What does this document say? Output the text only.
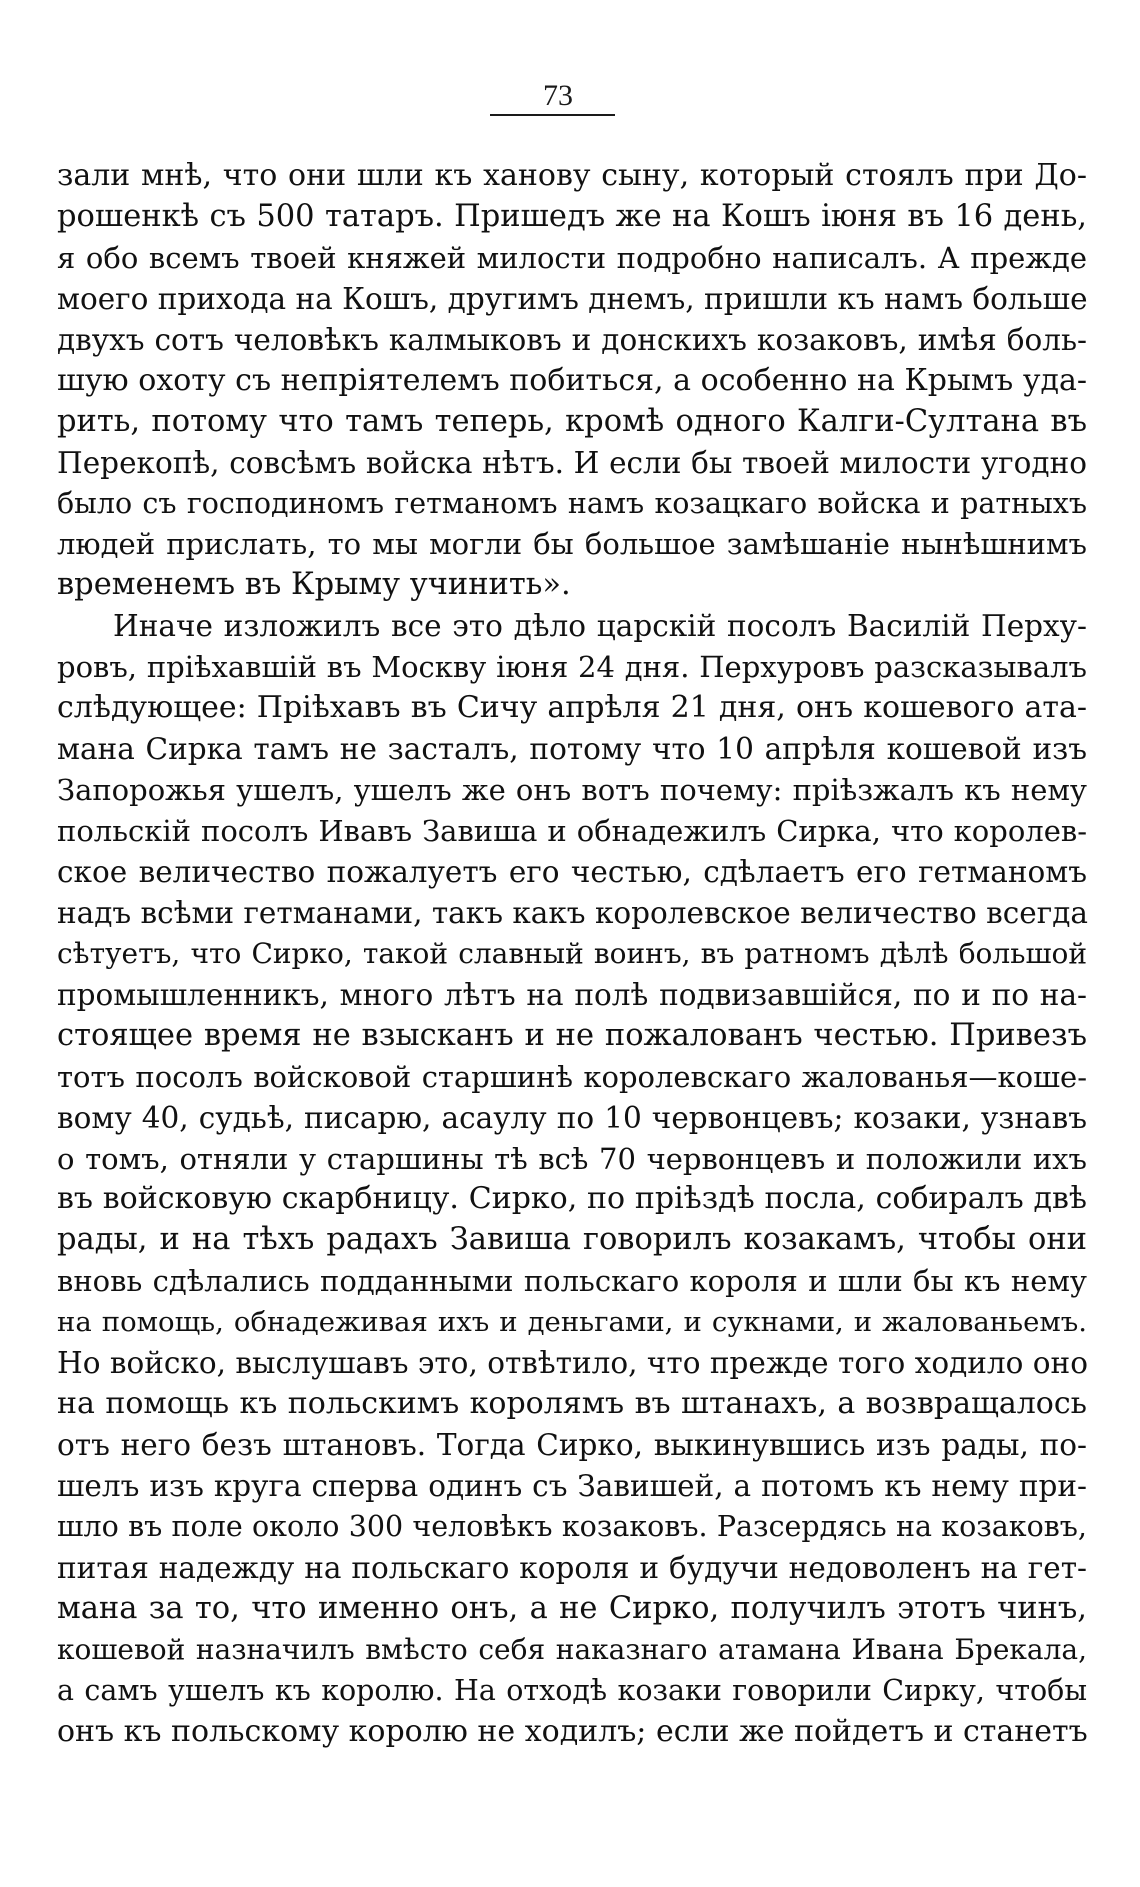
73
зали мнѣ, что они шли къ ханову сыну, который стоялъ при До-
рошенкѣ съ 500 татаръ. Пришедъ же на Кошъ іюня въ 16 день,
я обо всемъ твоей княжей милости подробно написалъ. А прежде
моего прихода на Кошъ, другимъ днемъ, пришли къ намъ больше
двухъ сотъ человѣкъ калмыковъ и донскихъ козаковъ, имѣя боль-
шую охоту съ непріятелемъ побиться, а особенно на Крымъ уда-
рить, потому что тамъ теперь, кромѣ одного Калги-Султана въ
Перекопѣ, совсѣмъ войска нѣтъ. И если бы твоей милости угодно
было съ господиномъ гетманомъ намъ козацкаго войска и ратныхъ
людей прислать, то мы могли бы большое замѣшаніе нынѣшнимъ
временемъ въ Крыму учинить».
Иначе изложилъ все это дѣло царскій посолъ Василій Перху-
ровъ, пріѣхавшій въ Москву іюня 24 дня. Перхуровъ разсказывалъ
слѣдующее: Пріѣхавъ въ Сичу апрѣля 21 дня, онъ кошевого ата-
мана Сирка тамъ не засталъ, потому что 10 апрѣля кошевой изъ
Запорожья ушелъ, ушелъ же онъ вотъ почему: пріѣзжалъ къ нему
польскій посолъ Ивавъ Завиша и обнадежилъ Сирка, что королев-
ское величество пожалуетъ его честью, сдѣлаетъ его гетманомъ
надъ всѣми гетманами, такъ какъ королевское величество всегда
сѣтуетъ, что Сирко, такой славный воинъ, въ ратномъ дѣлѣ большой
промышленникъ, много лѣтъ на полѣ подвизавшійся, по и по на-
стоящее время не взысканъ и не пожалованъ честью. Привезъ
тотъ посолъ войсковой старшинѣ королевскаго жалованья—коше-
вому 40, судьѣ, писарю, асаулу по 10 червонцевъ; козаки, узнавъ
о томъ, отняли у старшины тѣ всѣ 70 червонцевъ и положили ихъ
въ войсковую скарбницу. Сирко, по пріѣздѣ посла, собиралъ двѣ
рады, и на тѣхъ радахъ Завиша говорилъ козакамъ, чтобы они
вновь сдѣлались подданными польскаго короля и шли бы къ нему
на помощь, обнадеживая ихъ и деньгами, и сукнами, и жалованьемъ.
Но войско, выслушавъ это, отвѣтило, что прежде того ходило оно
на помощь къ польскимъ королямъ въ штанахъ, а возвращалось
отъ него безъ штановъ. Тогда Сирко, выкинувшись изъ рады, по-
шелъ изъ круга сперва одинъ съ Завишей, а потомъ къ нему при-
шло въ поле около 300 человѣкъ козаковъ. Разсердясь на козаковъ,
питая надежду на польскаго короля и будучи недоволенъ на гет-
мана за то, что именно онъ, а не Сирко, получилъ этотъ чинъ,
кошевой назначилъ вмѣсто себя наказнаго атамана Ивана Брекала,
а самъ ушелъ къ королю. На отходѣ козаки говорили Сирку, чтобы
онъ къ польскому королю не ходилъ; если же пойдетъ и станетъ
